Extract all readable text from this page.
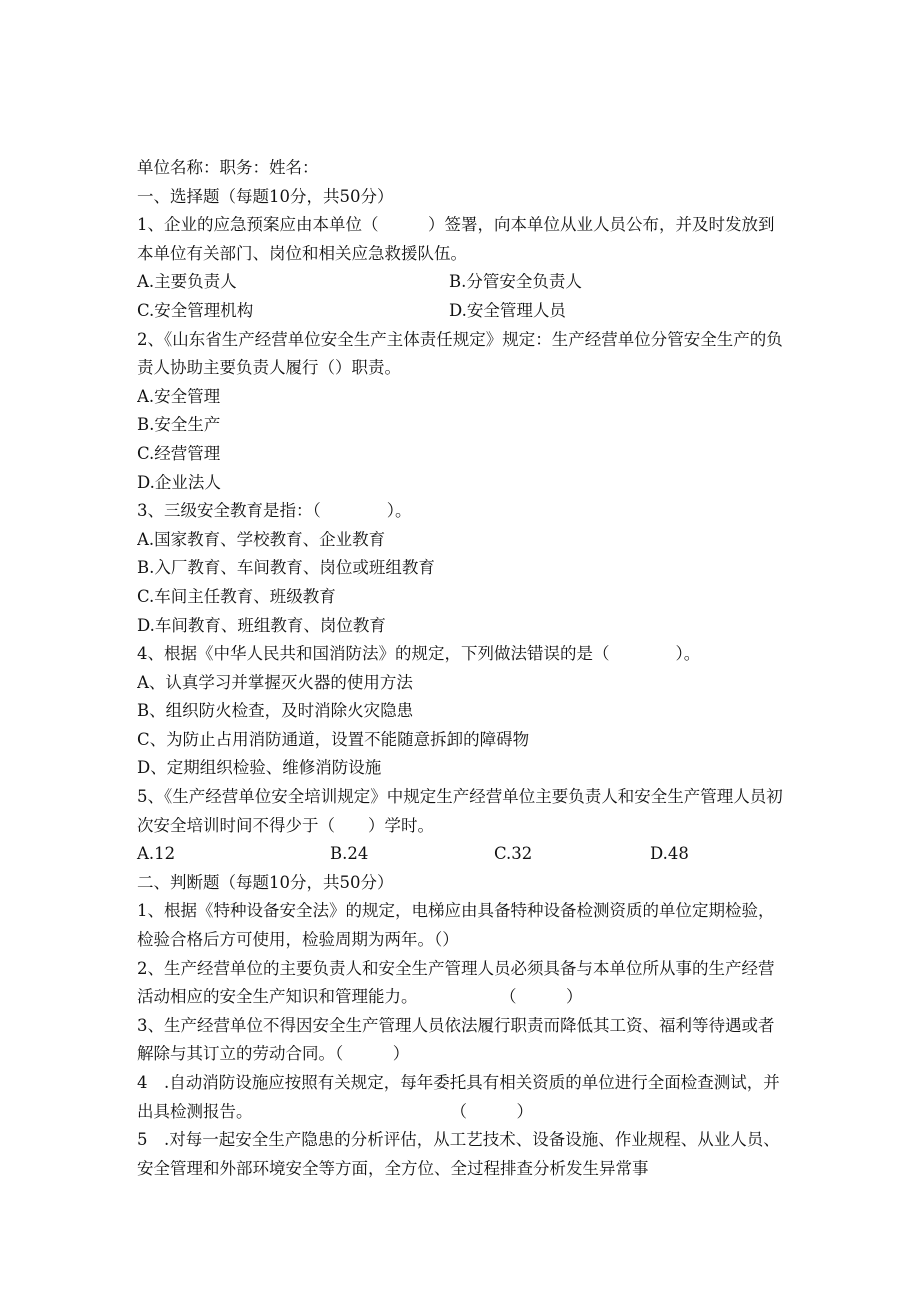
单位名称：职务：姓名：
一、选择题（每题10分，共50分）
1、企业的应急预案应由本单位（　　　）签署，向本单位从业人员公布，并及时发放到本单位有关部门、岗位和相关应急救援队伍。
A.主要负责人	B.分管安全负责人
C.安全管理机构	D.安全管理人员
2、《山东省生产经营单位安全生产主体责任规定》规定：生产经营单位分管安全生产的负责人协助主要负责人履行（）职责。
A.安全管理
B.安全生产
C.经营管理
D.企业法人
3、三级安全教育是指：（　　　　）。
A.国家教育、学校教育、企业教育
B.入厂教育、车间教育、岗位或班组教育
C.车间主任教育、班级教育
D.车间教育、班组教育、岗位教育
4、根据《中华人民共和国消防法》的规定，下列做法错误的是（　　　　）。
A、认真学习并掌握灭火器的使用方法
B、组织防火检查，及时消除火灾隐患
C、为防止占用消防通道，设置不能随意拆卸的障碍物
D、定期组织检验、维修消防设施
5、《生产经营单位安全培训规定》中规定生产经营单位主要负责人和安全生产管理人员初次安全培训时间不得少于（　　）学时。
A.12	B.24	C.32	D.48
二、判断题（每题10分，共50分）
1、根据《特种设备安全法》的规定，电梯应由具备特种设备检测资质的单位定期检验，检验合格后方可使用，检验周期为两年。（）
2、生产经营单位的主要负责人和安全生产管理人员必须具备与本单位所从事的生产经营活动相应的安全生产知识和管理能力。　　　　　　（　　　）
3、生产经营单位不得因安全生产管理人员依法履行职责而降低其工资、福利等待遇或者解除与其订立的劳动合同。（　　　）
4　.自动消防设施应按照有关规定，每年委托具有相关资质的单位进行全面检查测试，并出具检测报告。　　　　　　　　　　　　　（　　　）
5　.对每一起安全生产隐患的分析评估，从工艺技术、设备设施、作业规程、从业人员、安全管理和外部环境安全等方面，全方位、全过程排查分析发生异常事
